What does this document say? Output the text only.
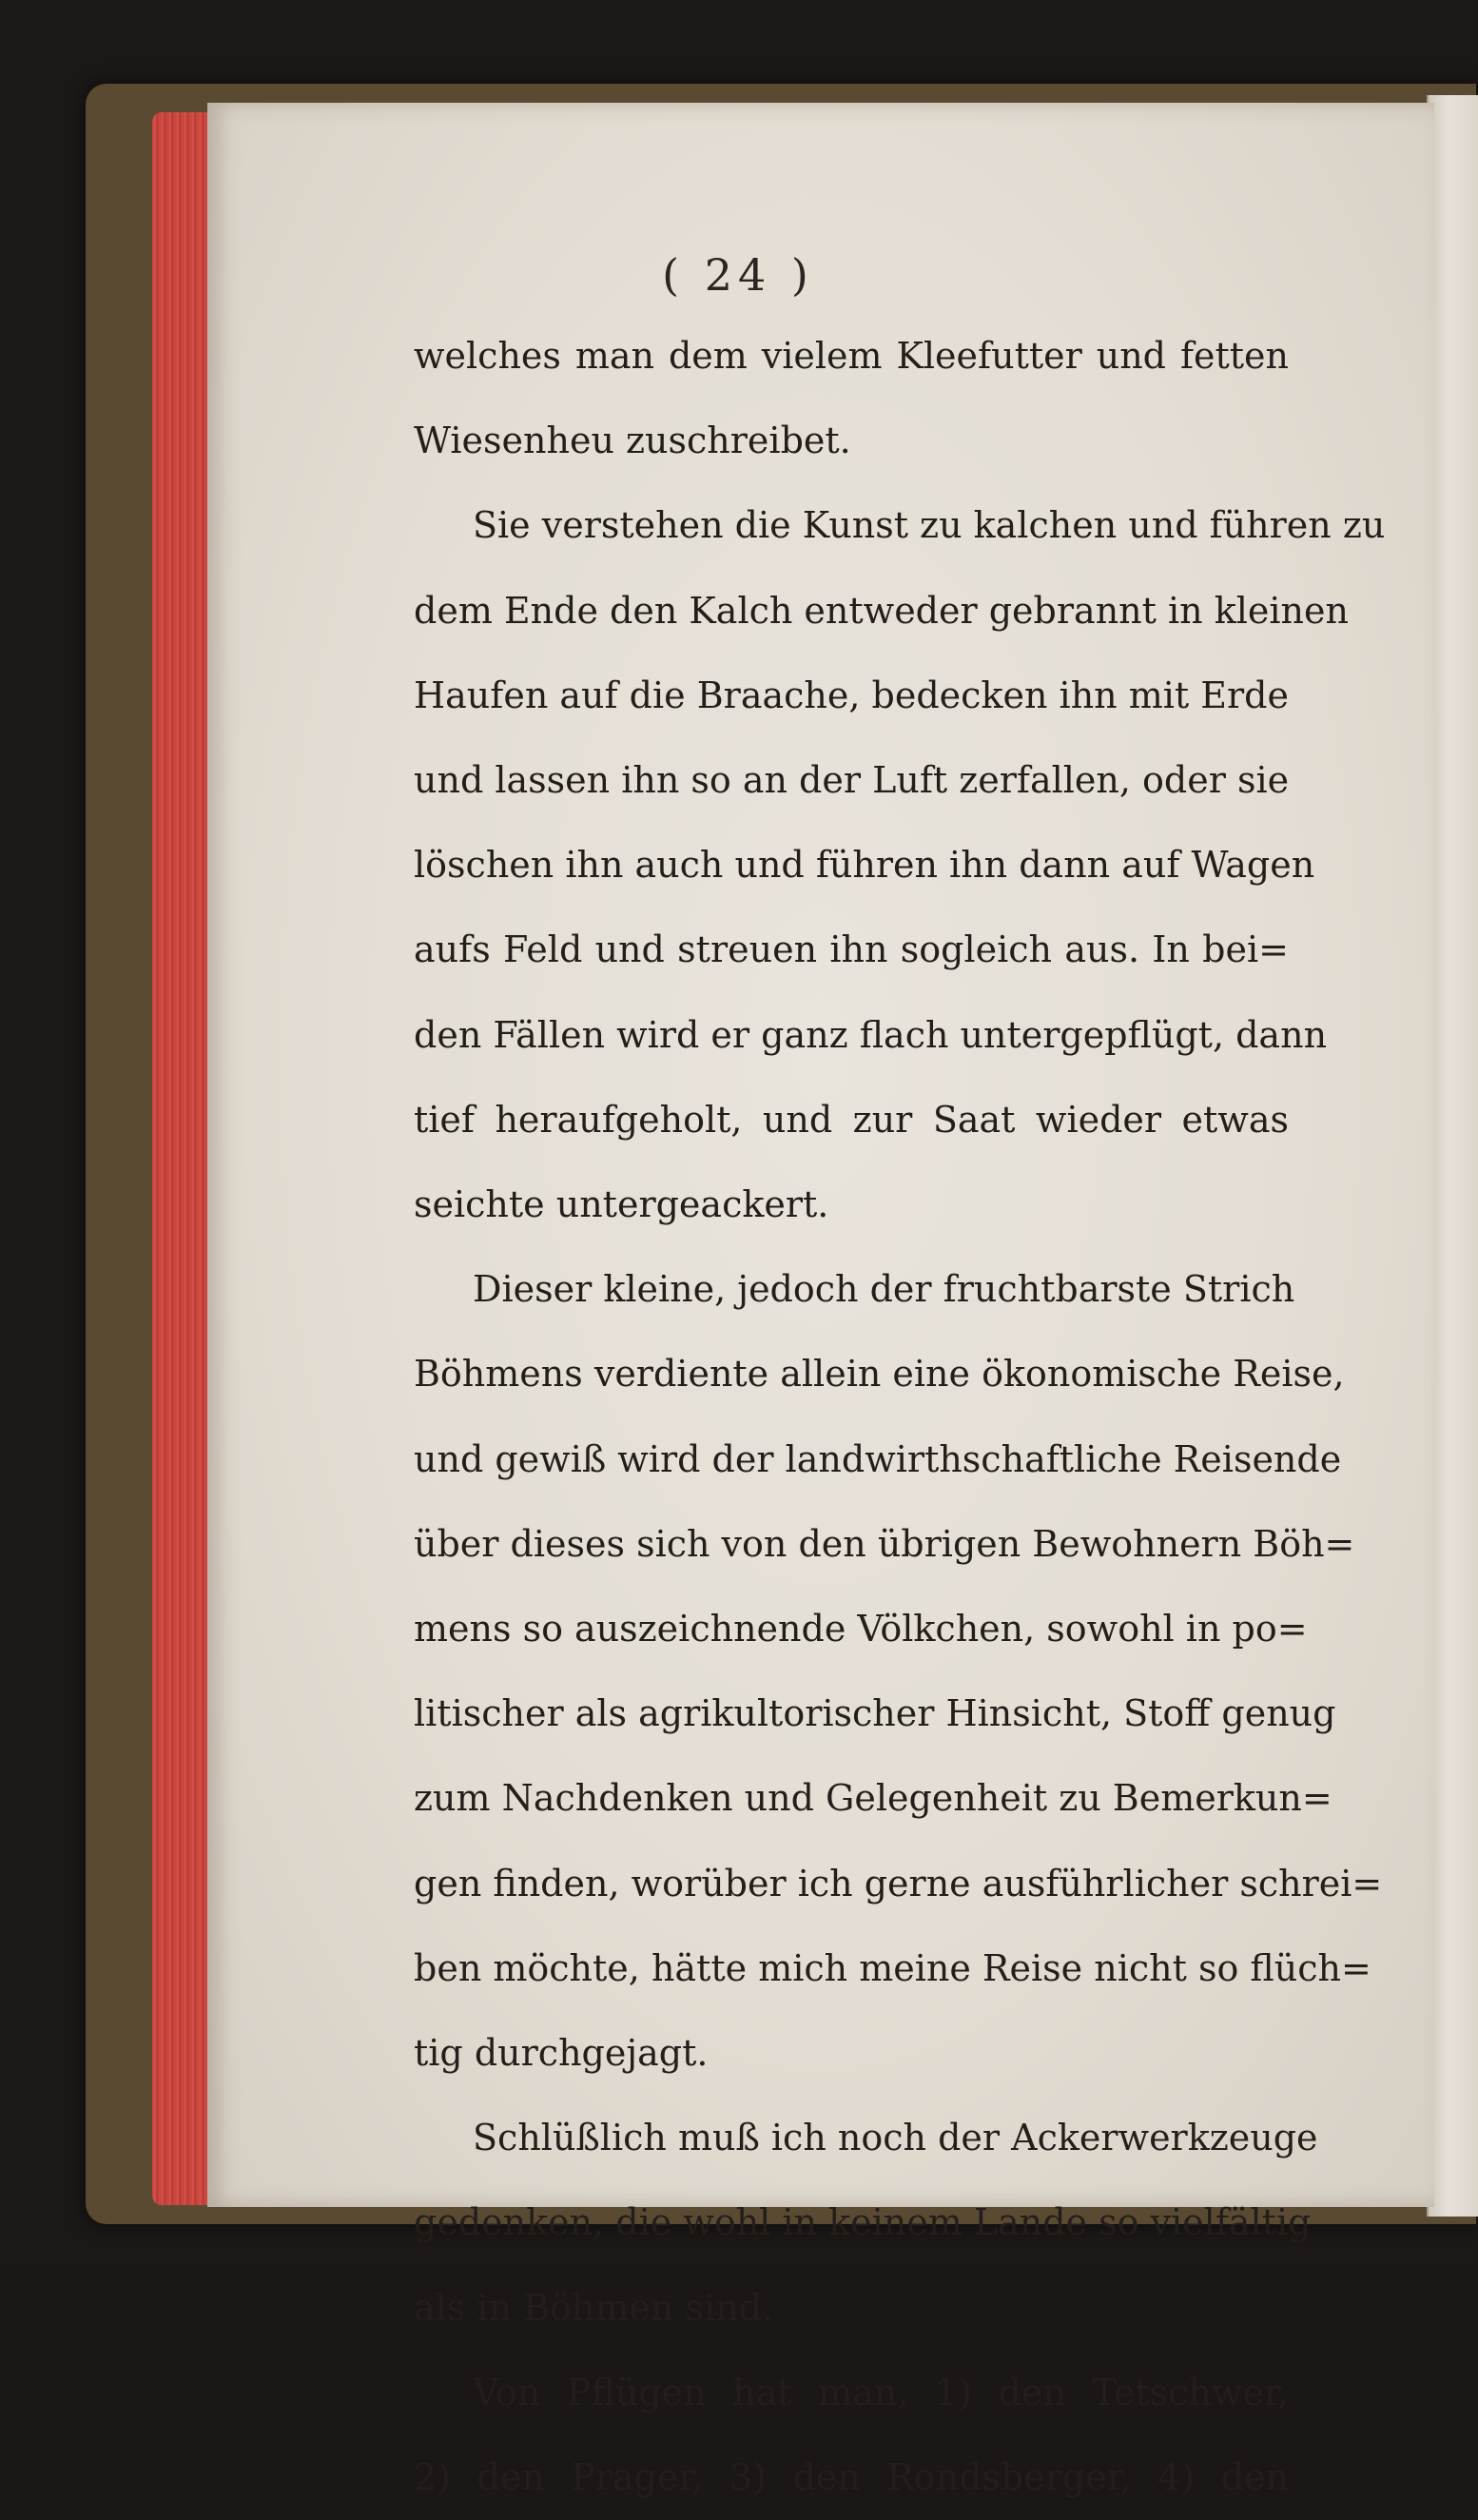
( 24 )
welches man dem vielem Kleefutter und fetten
Wiesenheu zuschreibet.
Sie verstehen die Kunst zu kalchen und führen zu
dem Ende den Kalch entweder gebrannt in kleinen
Haufen auf die Braache, bedecken ihn mit Erde
und lassen ihn so an der Luft zerfallen, oder sie
löschen ihn auch und führen ihn dann auf Wagen
aufs Feld und streuen ihn sogleich aus. In bei=
den Fällen wird er ganz flach untergepflügt, dann
tief heraufgeholt, und zur Saat wieder etwas
seichte untergeackert.
Dieser kleine, jedoch der fruchtbarste Strich
Böhmens verdiente allein eine ökonomische Reise,
und gewiß wird der landwirthschaftliche Reisende
über dieses sich von den übrigen Bewohnern Böh=
mens so auszeichnende Völkchen, sowohl in po=
litischer als agrikultorischer Hinsicht, Stoff genug
zum Nachdenken und Gelegenheit zu Bemerkun=
gen finden, worüber ich gerne ausführlicher schrei=
ben möchte, hätte mich meine Reise nicht so flüch=
tig durchgejagt.
Schlüßlich muß ich noch der Ackerwerkzeuge
gedenken, die wohl in keinem Lande so vielfältig
als in Böhmen sind.
Von Pflügen hat man, 1) den Tetschwer,
2) den Prager, 3) den Rondsberger, 4) den
